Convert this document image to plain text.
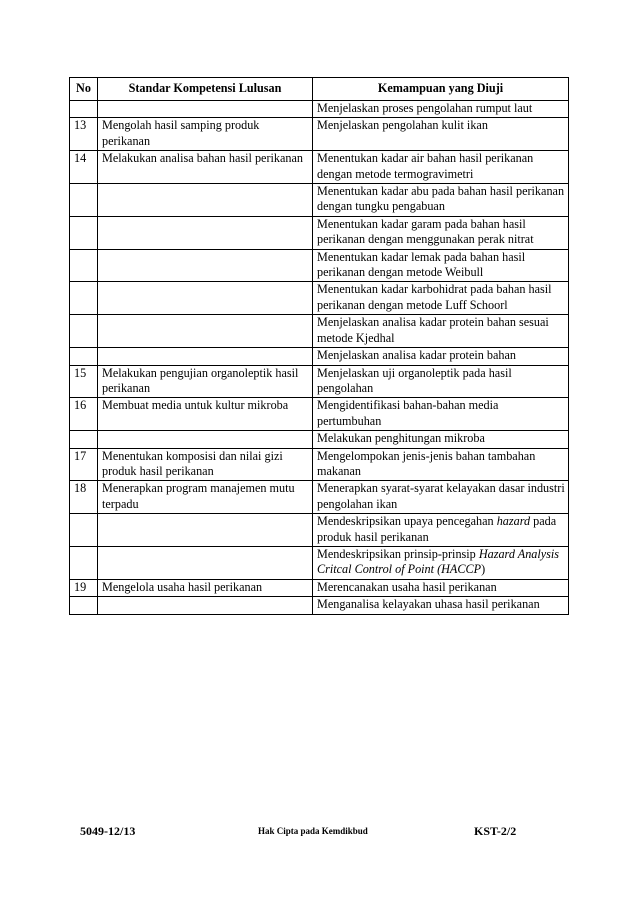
No	Standar Kompetensi Lulusan	Kemampuan yang Diuji
		Menjelaskan proses pengolahan rumput laut
13	Mengolah hasil samping produk perikanan	Menjelaskan pengolahan kulit ikan
14	Melakukan analisa bahan hasil perikanan	Menentukan kadar air bahan hasil perikanan dengan metode termogravimetri
		Menentukan kadar abu pada bahan hasil perikanan dengan tungku pengabuan
		Menentukan kadar garam pada bahan hasil perikanan dengan menggunakan perak nitrat
		Menentukan kadar lemak pada bahan hasil perikanan dengan metode Weibull
		Menentukan kadar karbohidrat pada bahan hasil perikanan dengan metode Luff Schoorl
		Menjelaskan analisa kadar protein bahan sesuai metode Kjedhal
		Menjelaskan analisa kadar protein bahan
15	Melakukan pengujian organoleptik hasil perikanan	Menjelaskan uji organoleptik pada hasil pengolahan
16	Membuat media untuk kultur mikroba	Mengidentifikasi bahan-bahan media pertumbuhan
		Melakukan penghitungan mikroba
17	Menentukan komposisi dan nilai gizi produk hasil perikanan	Mengelompokan jenis-jenis bahan tambahan makanan
18	Menerapkan program manajemen mutu terpadu	Menerapkan syarat-syarat kelayakan dasar industri pengolahan ikan
		Mendeskripsikan upaya pencegahan hazard pada produk hasil perikanan
		Mendeskripsikan prinsip-prinsip Hazard Analysis Critcal Control of Point (HACCP)
19	Mengelola usaha hasil perikanan	Merencanakan usaha hasil perikanan
		Menganalisa kelayakan uhasa hasil perikanan
5049-12/13	Hak Cipta pada Kemdikbud	KST-2/2
